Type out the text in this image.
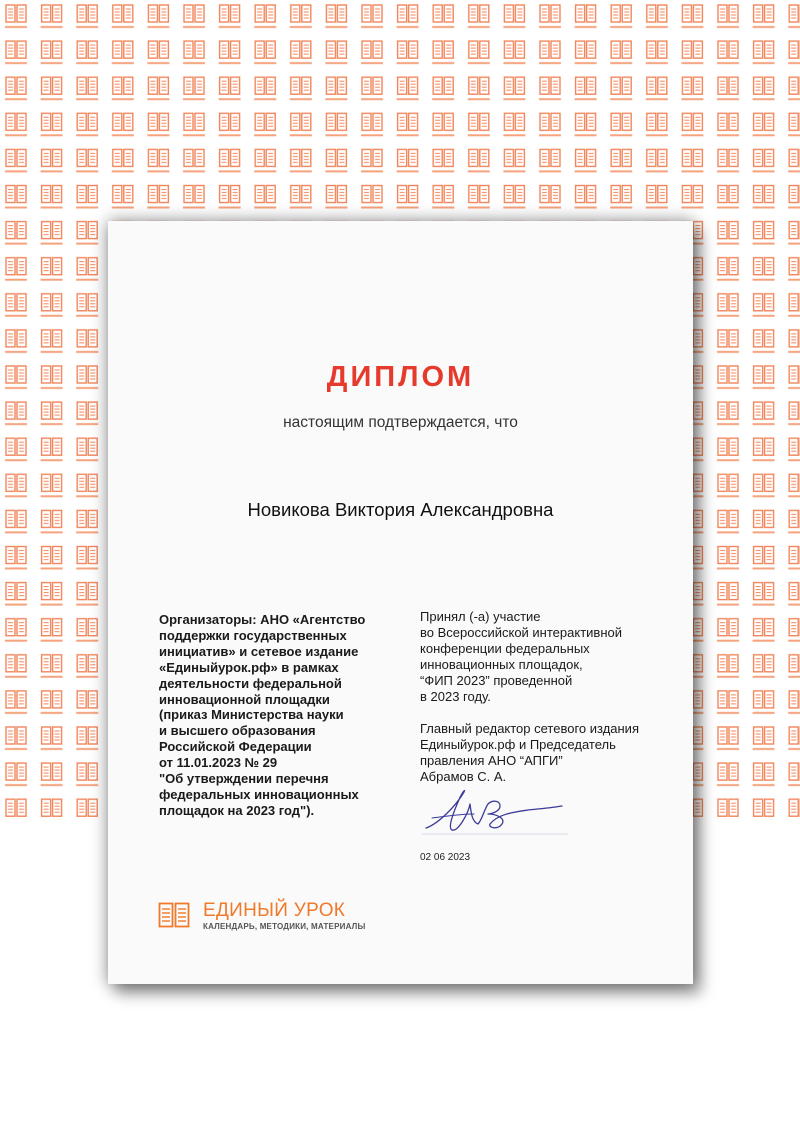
ДИПЛОМ
настоящим подтверждается, что
Новикова Виктория Александровна
Организаторы: АНО «Агентство
поддержки государственных
инициатив» и сетевое издание
«Единыйурок.рф» в рамках
деятельности федеральной
инновационной площадки
(приказ Министерства науки
и высшего образования
Российской Федерации
от 11.01.2023 № 29
"Об утверждении перечня
федеральных инновационных
площадок на 2023 год").
Принял (-а) участие
во Всероссийской интерактивной
конференции федеральных
инновационных площадок,
“ФИП 2023” проведенной
в 2023 году.
Главный редактор сетевого издания
Единыйурок.рф и Председатель
правления АНО “АПГИ”
Абрамов С. А.
02 06 2023
ЕДИНЫЙ УРОК
КАЛЕНДАРЬ, МЕТОДИКИ, МАТЕРИАЛЫ
